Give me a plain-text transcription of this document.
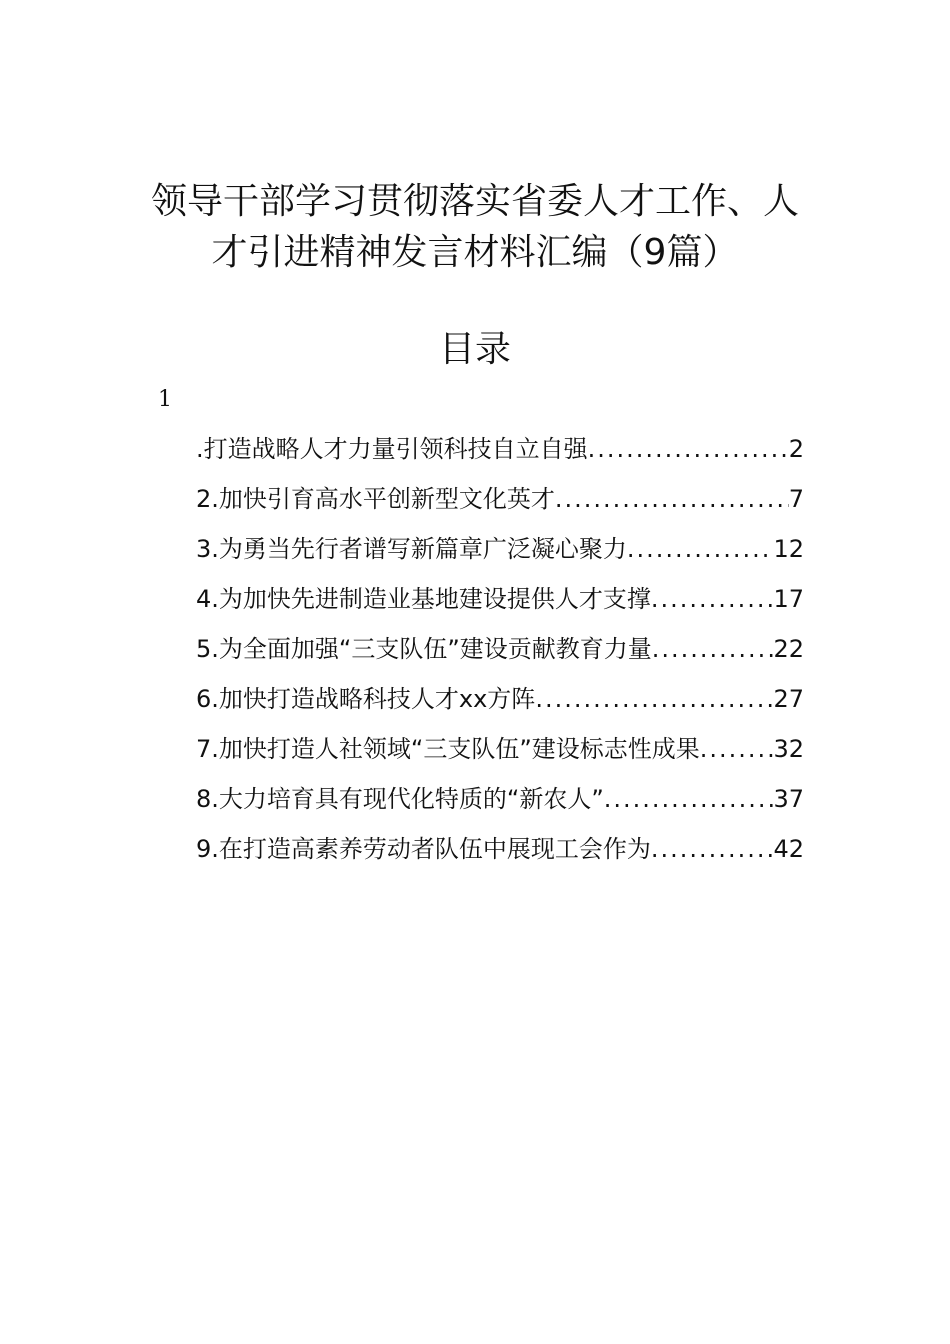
领导干部学习贯彻落实省委人才工作、人
才引进精神发言材料汇编（9篇）
目录
1
.打造战略人才力量引领科技自立自强 .....	2
2.加快引育高水平创新型文化英才 .....	7
3.为勇当先行者谱写新篇章广泛凝心聚力 .....	12
4.为加快先进制造业基地建设提供人才支撑 .....	17
5.为全面加强“三支队伍”建设贡献教育力量 .....	22
6.加快打造战略科技人才xx方阵 .....	27
7.加快打造人社领域“三支队伍”建设标志性成果 .....	32
8.大力培育具有现代化特质的“新农人” .....	37
9.在打造高素养劳动者队伍中展现工会作为 .....	42
